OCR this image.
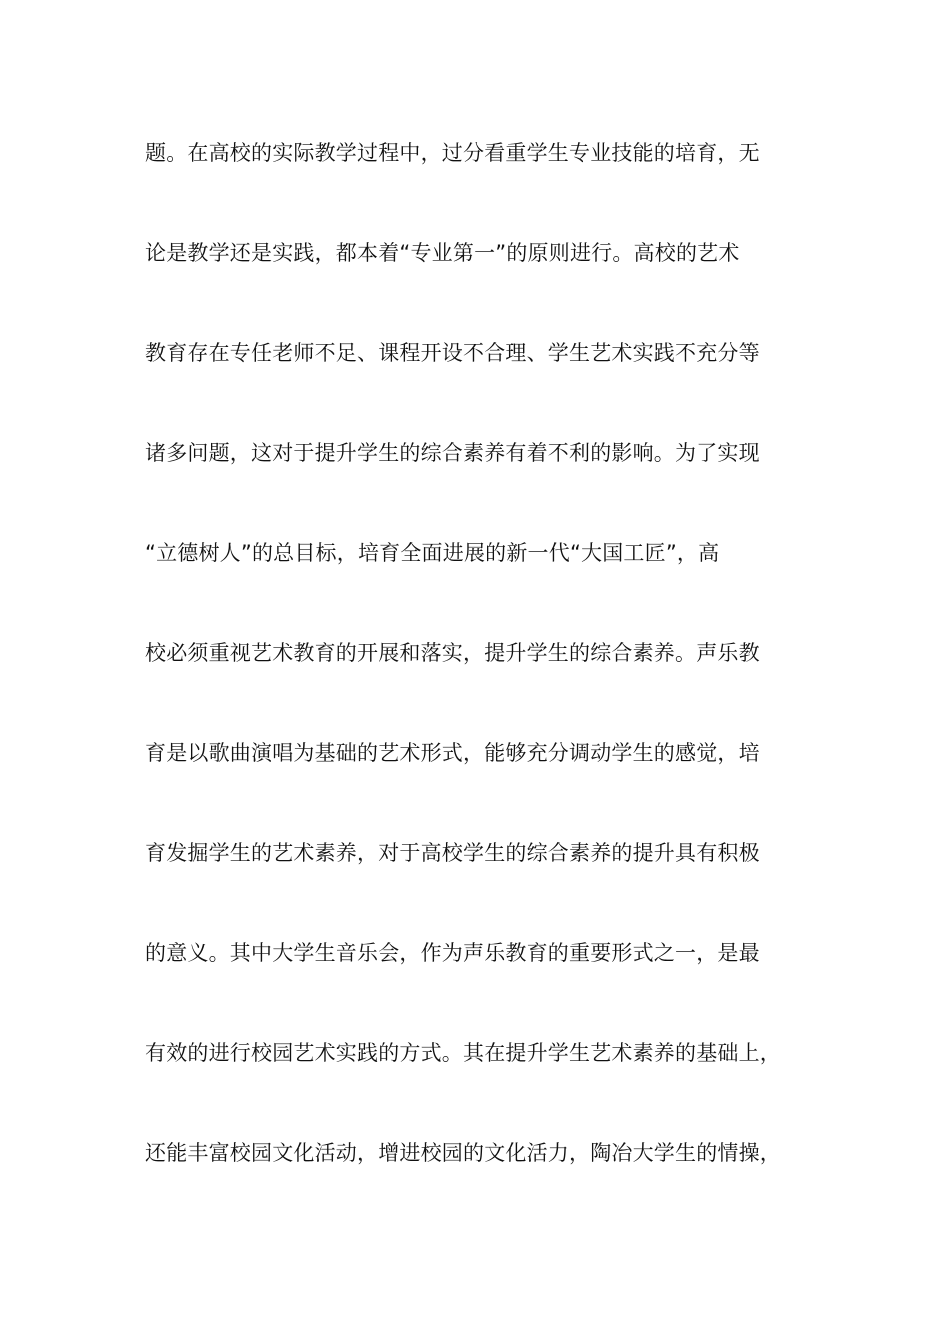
题。在高校的实际教学过程中，过分看重学生专业技能的培育，无
论是教学还是实践，都本着“专业第一”的原则进行。高校的艺术
教育存在专任老师不足、课程开设不合理、学生艺术实践不充分等
诸多问题，这对于提升学生的综合素养有着不利的影响。为了实现
“立德树人”的总目标，培育全面进展的新一代“大国工匠”，高
校必须重视艺术教育的开展和落实，提升学生的综合素养。声乐教
育是以歌曲演唱为基础的艺术形式，能够充分调动学生的感觉，培
育发掘学生的艺术素养，对于高校学生的综合素养的提升具有积极
的意义。其中大学生音乐会，作为声乐教育的重要形式之一，是最
有效的进行校园艺术实践的方式。其在提升学生艺术素养的基础上，
还能丰富校园文化活动，增进校园的文化活力，陶冶大学生的情操，
